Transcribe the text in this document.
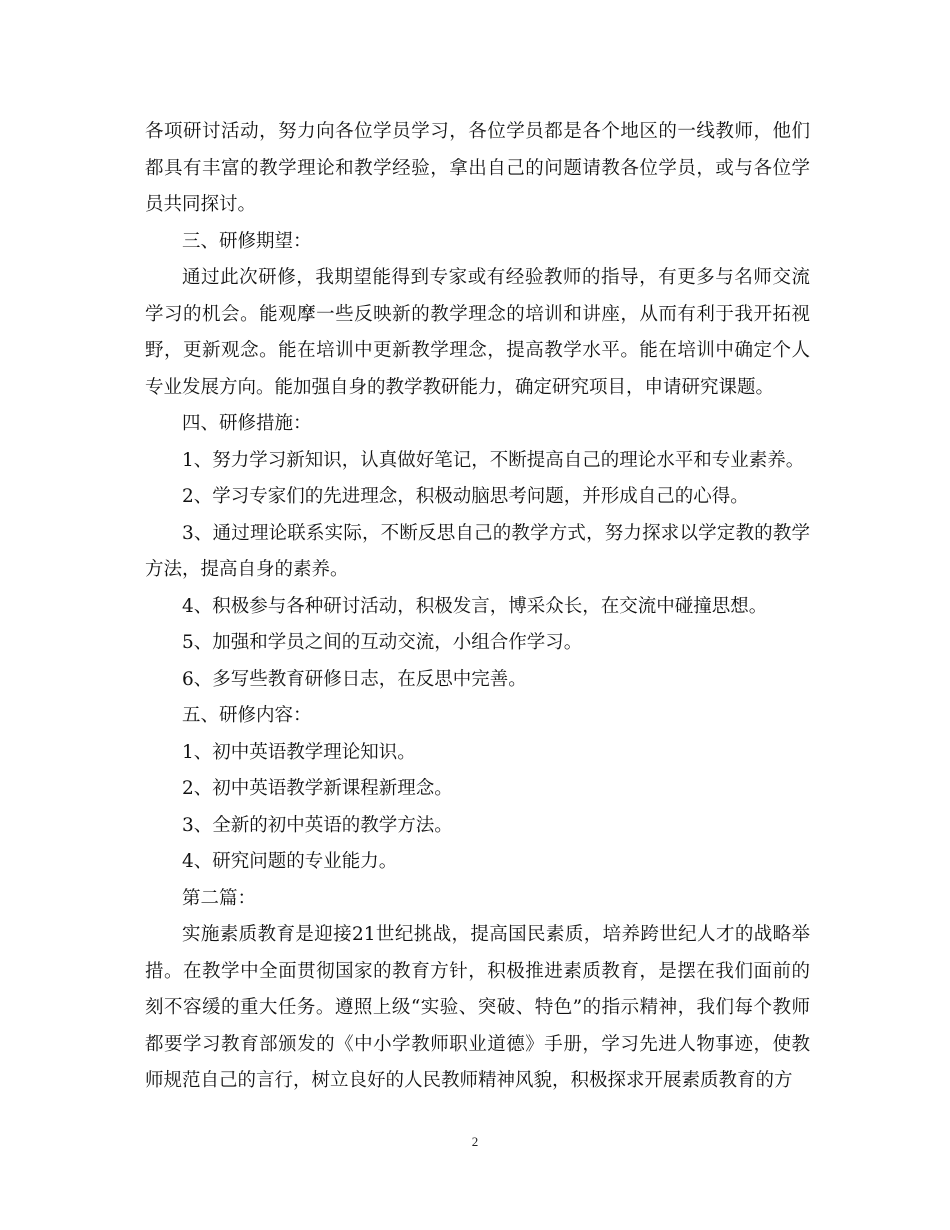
各项研讨活动，努力向各位学员学习，各位学员都是各个地区的一线教师，他们都具有丰富的教学理论和教学经验，拿出自己的问题请教各位学员，或与各位学员共同探讨。

三、研修期望：

通过此次研修，我期望能得到专家或有经验教师的指导，有更多与名师交流学习的机会。能观摩一些反映新的教学理念的培训和讲座，从而有利于我开拓视野，更新观念。能在培训中更新教学理念，提高教学水平。能在培训中确定个人专业发展方向。能加强自身的教学教研能力，确定研究项目，申请研究课题。

四、研修措施：

1、努力学习新知识，认真做好笔记，不断提高自己的理论水平和专业素养。

2、学习专家们的先进理念，积极动脑思考问题，并形成自己的心得。

3、通过理论联系实际，不断反思自己的教学方式，努力探求以学定教的教学方法，提高自身的素养。

4、积极参与各种研讨活动，积极发言，博采众长，在交流中碰撞思想。

5、加强和学员之间的互动交流，小组合作学习。

6、多写些教育研修日志，在反思中完善。

五、研修内容：

1、初中英语教学理论知识。

2、初中英语教学新课程新理念。

3、全新的初中英语的教学方法。

4、研究问题的专业能力。

第二篇：

实施素质教育是迎接21世纪挑战，提高国民素质，培养跨世纪人才的战略举措。在教学中全面贯彻国家的教育方针，积极推进素质教育，是摆在我们面前的刻不容缓的重大任务。遵照上级“实验、突破、特色”的指示精神，我们每个教师都要学习教育部颁发的《中小学教师职业道德》手册，学习先进人物事迹，使教师规范自己的言行，树立良好的人民教师精神风貌，积极探求开展素质教育的方

2
